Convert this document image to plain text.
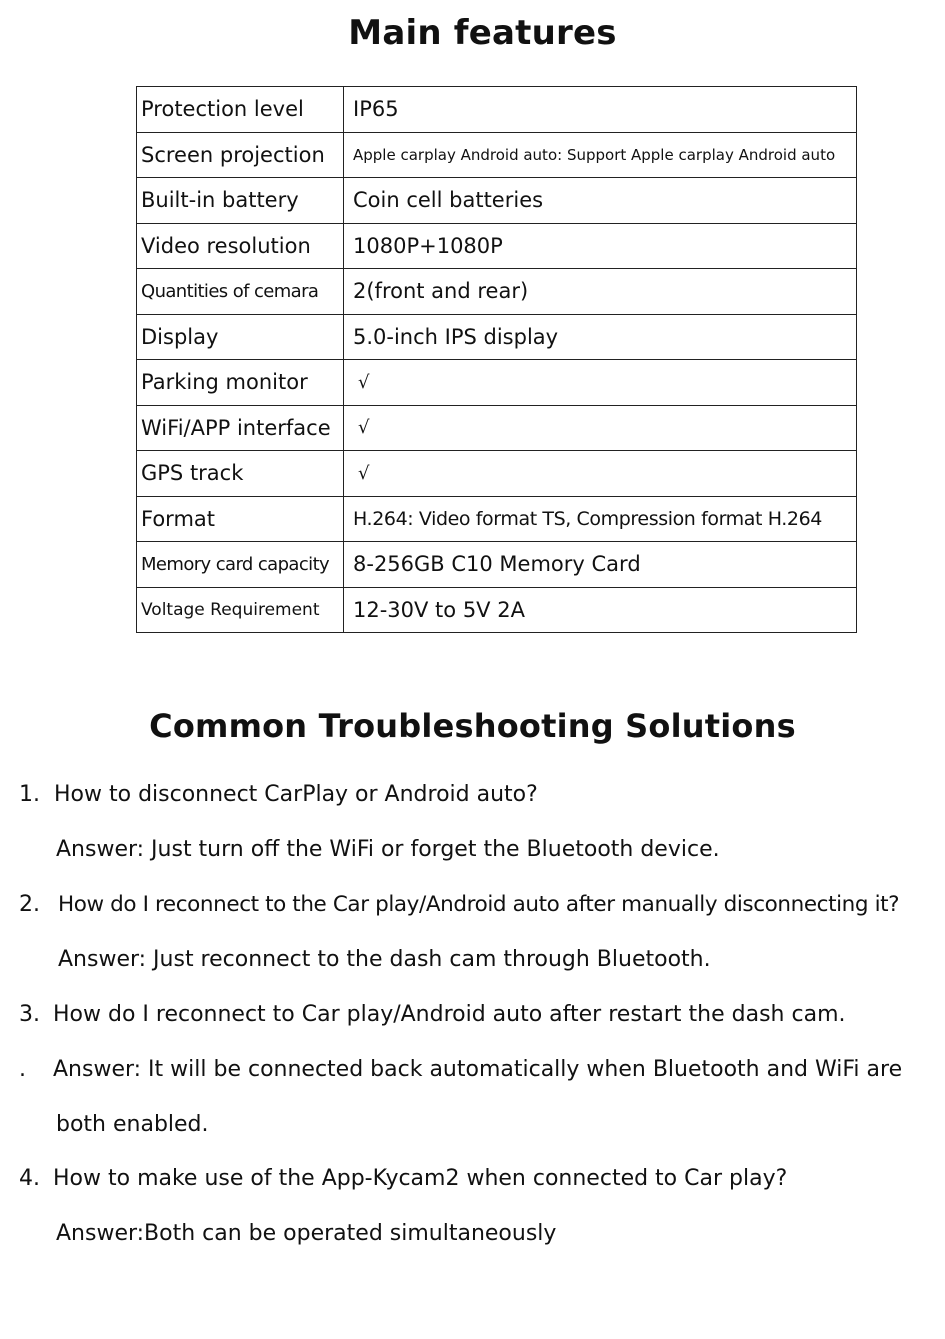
Main features
Protection level	IP65
Screen projection	Apple carplay Android auto: Support Apple carplay Android auto
Built-in battery	Coin cell batteries
Video resolution	1080P+1080P
Quantities of cemara	2(front and rear)
Display	5.0-inch IPS display
Parking monitor	√
WiFi/APP interface	√
GPS track	√
Format	H.264: Video format TS, Compression format H.264
Memory card capacity	8-256GB C10 Memory Card
Voltage Requirement	12-30V to 5V 2A
Common Troubleshooting Solutions
1. How to disconnect CarPlay or Android auto?
Answer: Just turn off the WiFi or forget the Bluetooth device.
2. How do I reconnect to the Car play/Android auto after manually disconnecting it?
Answer: Just reconnect to the dash cam through Bluetooth.
3. How do I reconnect to Car play/Android auto after restart the dash cam.
. Answer: It will be connected back automatically when Bluetooth and WiFi are
both enabled.
4. How to make use of the App-Kycam2 when connected to Car play?
Answer:Both can be operated simultaneously
